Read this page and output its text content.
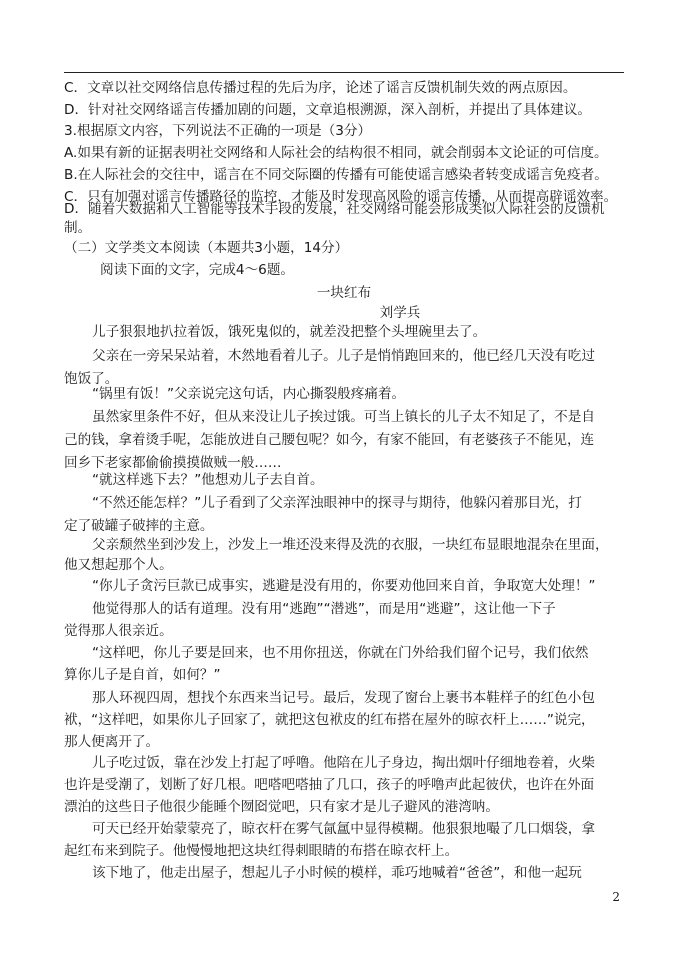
C．文章以社交网络信息传播过程的先后为序，论述了谣言反馈机制失效的两点原因。
D．针对社交网络谣言传播加剧的问题，文章追根溯源，深入剖析，并提出了具体建议。
3.根据原文内容，下列说法不正确的一项是（3分）
A.如果有新的证据表明社交网络和人际社会的结构很不相同，就会削弱本文论证的可信度。
B.在人际社会的交往中，谣言在不同交际圈的传播有可能使谣言感染者转变成谣言免疫者。
C．只有加强对谣言传播路径的监控，才能及时发现高风险的谣言传播，从而提高辟谣效率。
D．随着大数据和人工智能等技术手段的发展，社交网络可能会形成类似人际社会的反馈机
制。
（二）文学类文本阅读（本题共3小题，14分）
阅读下面的文字，完成4～6题。
一块红布
刘学兵
儿子狠狠地扒拉着饭，饿死鬼似的，就差没把整个头埋碗里去了。
父亲在一旁呆呆站着，木然地看着儿子。儿子是悄悄跑回来的，他已经几天没有吃过
饱饭了。
“锅里有饭！”父亲说完这句话，内心撕裂般疼痛着。
虽然家里条件不好，但从来没让儿子挨过饿。可当上镇长的儿子太不知足了，不是自
己的钱，拿着烫手呢，怎能放进自己腰包呢？如今，有家不能回，有老婆孩子不能见，连
回乡下老家都偷偷摸摸做贼一般……
“就这样逃下去？”他想劝儿子去自首。
“不然还能怎样？”儿子看到了父亲浑浊眼神中的探寻与期待，他躲闪着那目光，打
定了破罐子破摔的主意。
父亲颓然坐到沙发上，沙发上一堆还没来得及洗的衣服，一块红布显眼地混杂在里面，
他又想起那个人。
“你儿子贪污巨款已成事实，逃避是没有用的，你要劝他回来自首，争取宽大处理！”
他觉得那人的话有道理。没有用“逃跑”“潜逃”，而是用“逃避”，这让他一下子
觉得那人很亲近。
“这样吧，你儿子要是回来，也不用你扭送，你就在门外给我们留个记号，我们依然
算你儿子是自首，如何？”
那人环视四周，想找个东西来当记号。最后，发现了窗台上裹书本鞋样子的红色小包
袱，“这样吧，如果你儿子回家了，就把这包袱皮的红布搭在屋外的晾衣杆上……”说完，
那人便离开了。
儿子吃过饭，靠在沙发上打起了呼噜。他陪在儿子身边，掏出烟叶仔细地卷着，火柴
也许是受潮了，划断了好几根。吧嗒吧嗒抽了几口，孩子的呼噜声此起彼伏，也许在外面
漂泊的这些日子他很少能睡个囫囵觉吧，只有家才是儿子避风的港湾呐。
可天已经开始蒙蒙亮了，晾衣杆在雾气氤氲中显得模糊。他狠狠地嘬了几口烟袋，拿
起红布来到院子。他慢慢地把这块红得刺眼睛的布搭在晾衣杆上。
该下地了，他走出屋子，想起儿子小时候的模样，乖巧地喊着“爸爸”，和他一起玩
2
